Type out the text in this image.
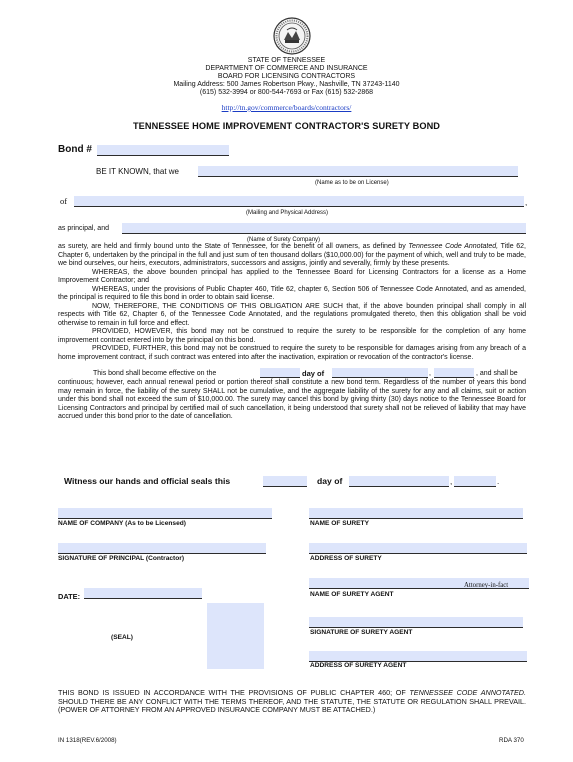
STATE OF TENNESSEE
DEPARTMENT OF COMMERCE AND INSURANCE
BOARD FOR LICENSING CONTRACTORS
Mailing Address: 500 James Robertson Pkwy., Nashville, TN 37243-1140
(615) 532-3994 or 800-544-7693 or Fax (615) 532-2868
http://tn.gov/commerce/boards/contractors/
TENNESSEE HOME IMPROVEMENT CONTRACTOR'S SURETY BOND
Bond #
BE IT KNOWN, that we
(Name as to be on License)
of	,
(Mailing and Physical Address)
as principal, and
(Name of Surety Company)

as surety, are held and firmly bound unto the State of Tennessee, for the benefit of all owners, as defined by Tennessee Code Annotated, Title 62, Chapter 6, undertaken by the principal in the full and just sum of ten thousand dollars ($10,000.00) for the payment of which, well and truly to be made, we bind ourselves, our heirs, executors, administrators, successors and assigns, jointly and severally, firmly by these presents.

WHEREAS, the above bounden principal has applied to the Tennessee Board for Licensing Contractors for a license as a Home Improvement Contractor; and

WHEREAS, under the provisions of Public Chapter 460, Title 62, chapter 6, Section 506 of Tennessee Code Annotated, and as amended, the principal is required to file this bond in order to obtain said license.

NOW, THEREFORE, THE CONDITIONS OF THIS OBLIGATION ARE SUCH that, if the above bounden principal shall comply in all respects with Title 62, Chapter 6, of the Tennessee Code Annotated, and the regulations promulgated thereto, then this obligation shall be void otherwise to remain in full force and effect.

PROVIDED, HOWEVER, this bond may not be construed to require the surety to be responsible for the completion of any home improvement contract entered into by the principal on this bond.

PROVIDED, FURTHER, this bond may not be construed to require the surety to be responsible for damages arising from any breach of a home improvement contract, if such contract was entered into after the inactivation, expiration or revocation of the contractor's license.

This bond shall become effective on the	day of	,	, and shall be
continuous; however, each annual renewal period or portion thereof shall constitute a new bond term. Regardless of the number of years this bond may remain in force, the liability of the surety SHALL not be cumulative, and the aggregate liability of the surety for any and all claims, suit or action under this bond shall not exceed the sum of $10,000.00. The surety may cancel this bond by giving thirty (30) days notice to the Tennessee Board for Licensing Contractors and principal by certified mail of such cancellation, it being understood that surety shall not be relieved of liability that may have accrued under this bond prior to the date of cancellation.
Witness our hands and official seals this	day of	,	.
NAME OF COMPANY (As to be Licensed)
SIGNATURE OF PRINCIPAL (Contractor)
DATE:
(SEAL)
NAME OF SURETY
ADDRESS OF SURETY
Attorney-in-fact
NAME OF SURETY AGENT
SIGNATURE OF SURETY AGENT
ADDRESS OF SURETY AGENT
THIS BOND IS ISSUED IN ACCORDANCE WITH THE PROVISIONS OF PUBLIC CHAPTER 460; OF TENNESSEE CODE ANNOTATED. SHOULD THERE BE ANY CONFLICT WITH THE TERMS THEREOF, AND THE STATUTE, THE STATUTE OR REGULATION SHALL PREVAIL. (POWER OF ATTORNEY FROM AN APPROVED INSURANCE COMPANY MUST BE ATTACHED.)
IN 1318(REV.6/2008)	RDA 370
